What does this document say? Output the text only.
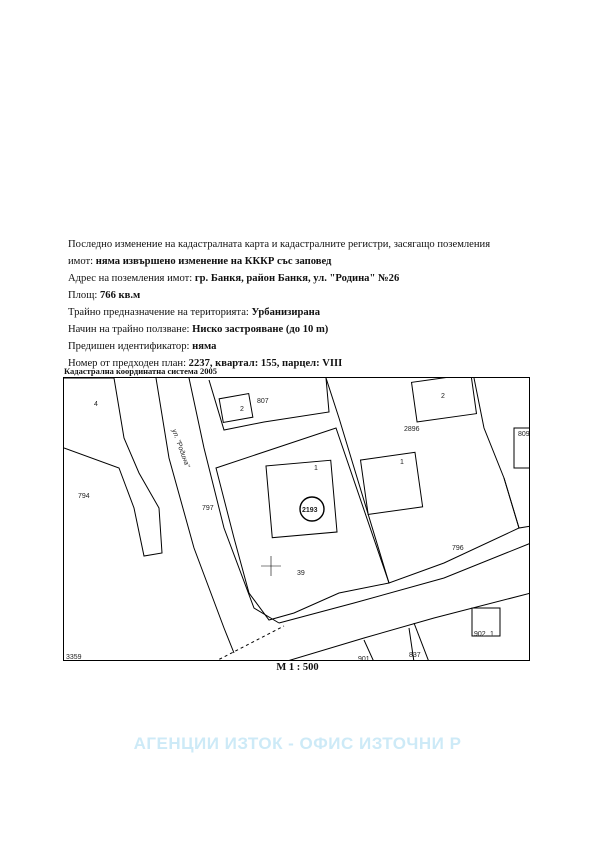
Последно изменение на кадастралната карта и кадастралните регистри, засягащо поземления
имот: няма извършено изменение на КККР със заповед
Адрес на поземления имот: гр. Банкя, район Банкя, ул. "Родина" №26
Площ: 766 кв.м
Трайно предназначение на територията: Урбанизирана
Начин на трайно ползване: Ниско застрояване (до 10 m)
Предишен идентификатор: няма
Номер от предходен план: 2237, квартал: 155, парцел: VIII
Кадастрална координатна система 2005
4
794
807
2
797
1
2193
39
2
2896
1
809
796
902 1
901
837
3359
ул. "Родина"
М 1 : 500
АГЕНЦИИ ИЗТОК - ОФИС ИЗТОЧНИ Р
